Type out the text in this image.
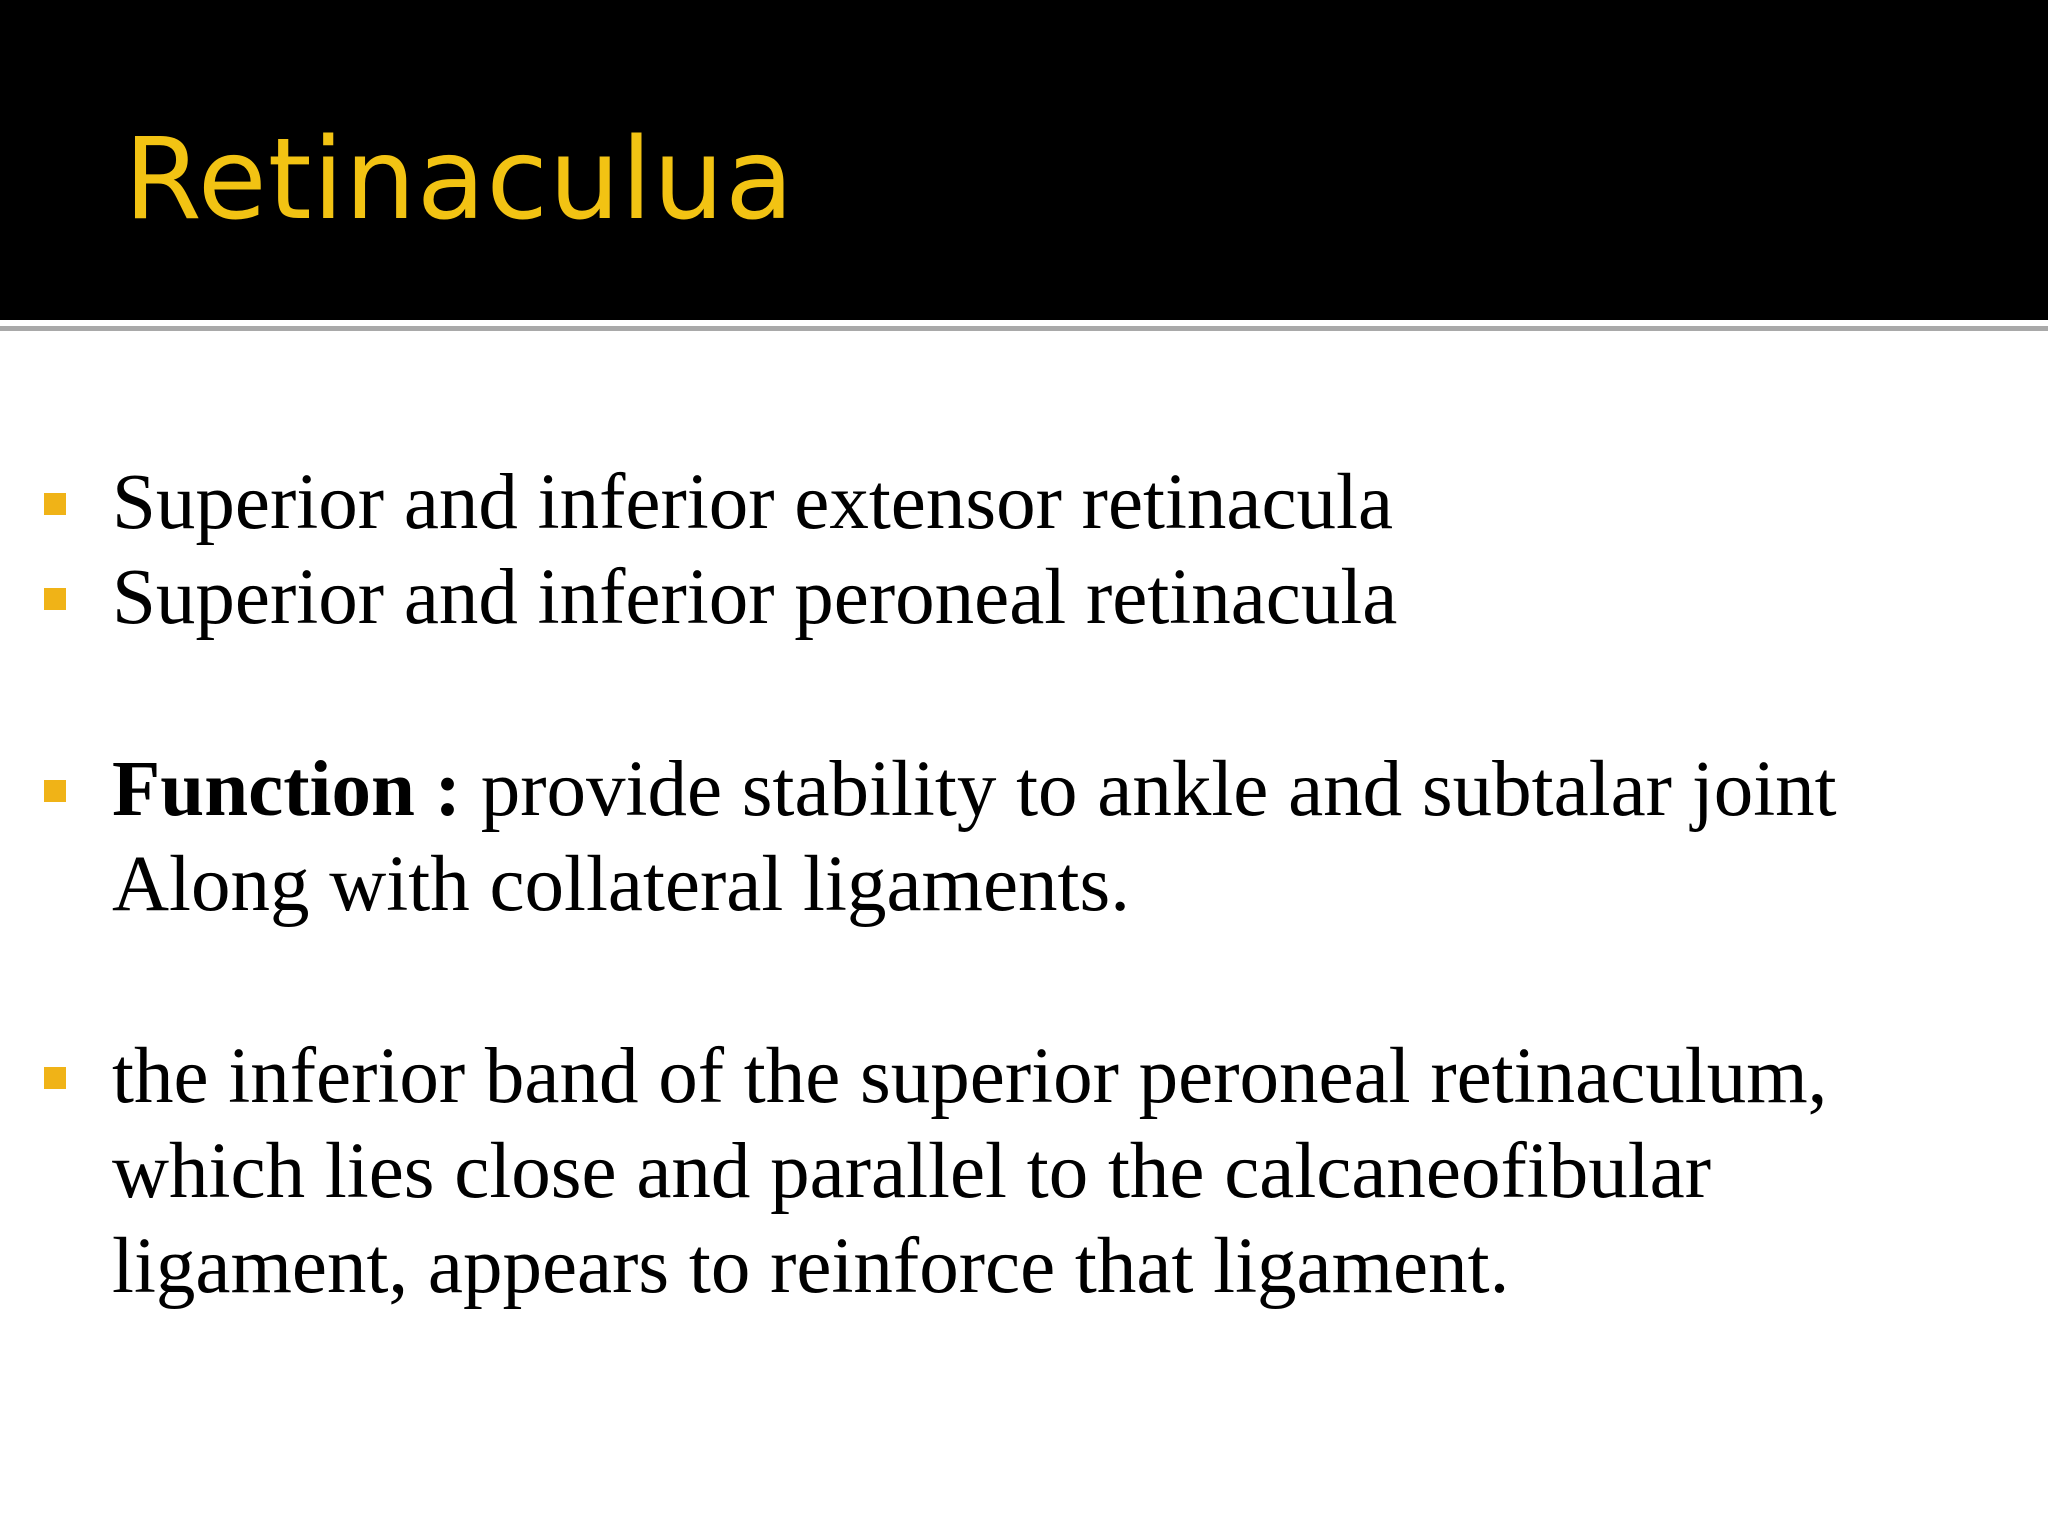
Retinaculua
Superior and inferior extensor retinacula
Superior and inferior peroneal retinacula
Function : provide stability to ankle and subtalar joint Along with collateral ligaments.
the inferior band of the superior peroneal retinaculum, which lies close and parallel to the calcaneofibular ligament, appears to reinforce that ligament.
